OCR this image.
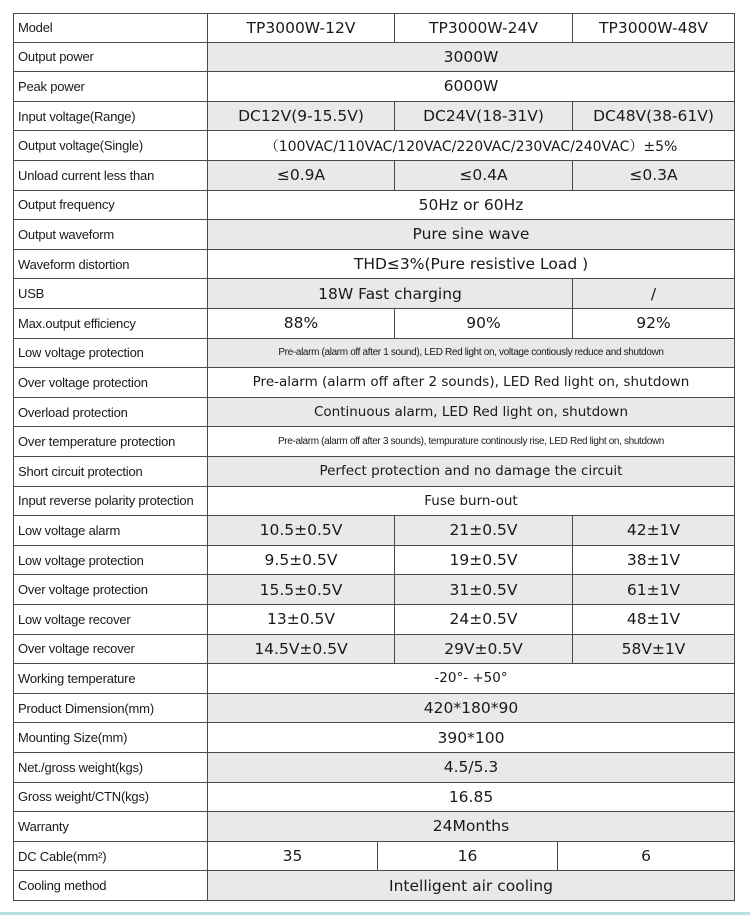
Model	TP3000W-12V	TP3000W-24V	TP3000W-48V
Output power	3000W
Peak power	6000W
Input voltage(Range)	DC12V(9-15.5V)	DC24V(18-31V)	DC48V(38-61V)
Output voltage(Single)	（100VAC/110VAC/120VAC/220VAC/230VAC/240VAC）±5%
Unload current less than	≤0.9A	≤0.4A	≤0.3A
Output frequency	50Hz or 60Hz
Output waveform	Pure sine wave
Waveform distortion	THD≤3%(Pure resistive Load )
USB	18W Fast charging	/
Max.output efficiency	88%	90%	92%
Low voltage protection	Pre-alarm (alarm off after 1 sound), LED Red light on, voltage contiously reduce and shutdown
Over voltage protection	Pre-alarm (alarm off after 2 sounds), LED Red light on, shutdown
Overload protection	Continuous alarm, LED Red light on, shutdown
Over temperature protection	Pre-alarm (alarm off after 3 sounds), tempurature continously rise, LED Red light on, shutdown
Short circuit protection	Perfect protection and no damage the circuit
Input reverse polarity protection	Fuse burn-out
Low voltage alarm	10.5±0.5V	21±0.5V	42±1V
Low voltage protection	9.5±0.5V	19±0.5V	38±1V
Over voltage protection	15.5±0.5V	31±0.5V	61±1V
Low voltage recover	13±0.5V	24±0.5V	48±1V
Over voltage recover	14.5V±0.5V	29V±0.5V	58V±1V
Working temperature	-20°- +50°
Product Dimension(mm)	420*180*90
Mounting Size(mm)	390*100
Net./gross weight(kgs)	4.5/5.3
Gross weight/CTN(kgs)	16.85
Warranty	24Months
DC Cable(mm²)	35	16	6
Cooling method	Intelligent air cooling
